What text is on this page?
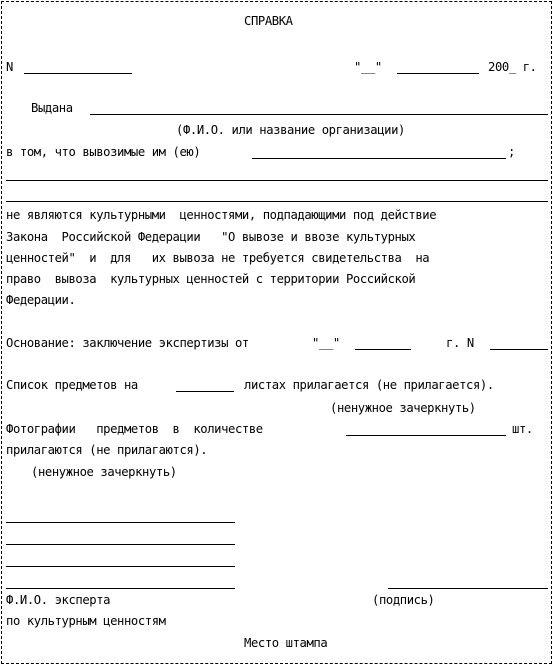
СПРАВКА
N	"__"	200_ г.
Выдана
(Ф.И.О. или название организации)
в том, что вывозимые им (ею)	;
не являются культурными  ценностями, подпадающими под действие
Закона  Российской Федерации   "О вывозе и ввозе культурных
ценностей"  и  для   их вывоза не требуется свидетельства  на
право  вывоза  культурных ценностей с территории Российской
Федерации.
Основание: заключение экспертизы от	"__"	г. N
Список предметов на	листах прилагается (не прилагается).
(ненужное зачеркнуть)
Фотографии   предметов  в  количестве	шт.
прилагаются (не прилагаются).
(ненужное зачеркнуть)
Ф.И.О. эксперта	(подпись)
по культурным ценностям
Место штампа
